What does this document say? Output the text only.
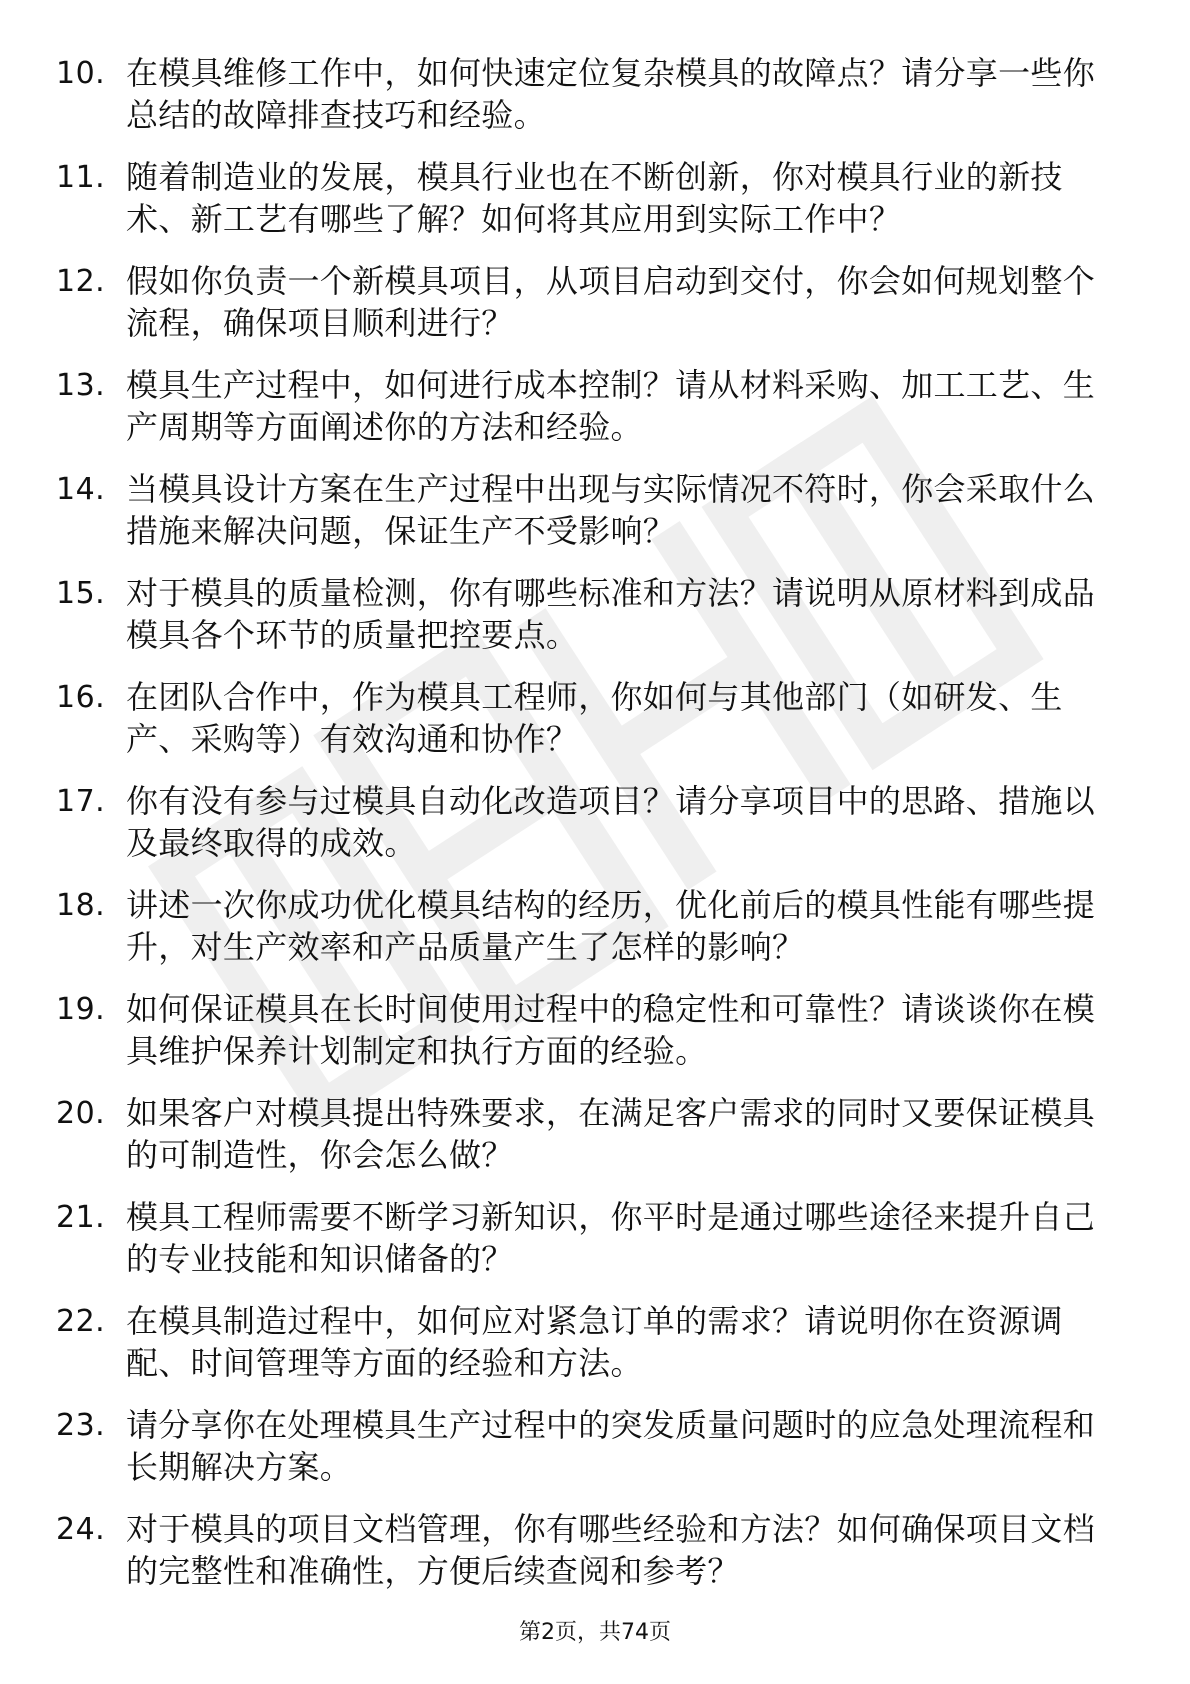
10. 在模具维修工作中，如何快速定位复杂模具的故障点？请分享一些你总结的故障排查技巧和经验。
11. 随着制造业的发展，模具行业也在不断创新，你对模具行业的新技术、新工艺有哪些了解？如何将其应用到实际工作中？
12. 假如你负责一个新模具项目，从项目启动到交付，你会如何规划整个流程，确保项目顺利进行？
13. 模具生产过程中，如何进行成本控制？请从材料采购、加工工艺、生产周期等方面阐述你的方法和经验。
14. 当模具设计方案在生产过程中出现与实际情况不符时，你会采取什么措施来解决问题，保证生产不受影响？
15. 对于模具的质量检测，你有哪些标准和方法？请说明从原材料到成品模具各个环节的质量把控要点。
16. 在团队合作中，作为模具工程师，你如何与其他部门（如研发、生产、采购等）有效沟通和协作？
17. 你有没有参与过模具自动化改造项目？请分享项目中的思路、措施以及最终取得的成效。
18. 讲述一次你成功优化模具结构的经历，优化前后的模具性能有哪些提升，对生产效率和产品质量产生了怎样的影响？
19. 如何保证模具在长时间使用过程中的稳定性和可靠性？请谈谈你在模具维护保养计划制定和执行方面的经验。
20. 如果客户对模具提出特殊要求，在满足客户需求的同时又要保证模具的可制造性，你会怎么做？
21. 模具工程师需要不断学习新知识，你平时是通过哪些途径来提升自己的专业技能和知识储备的？
22. 在模具制造过程中，如何应对紧急订单的需求？请说明你在资源调配、时间管理等方面的经验和方法。
23. 请分享你在处理模具生产过程中的突发质量问题时的应急处理流程和长期解决方案。
24. 对于模具的项目文档管理，你有哪些经验和方法？如何确保项目文档的完整性和准确性，方便后续查阅和参考？
第2页，共74页
